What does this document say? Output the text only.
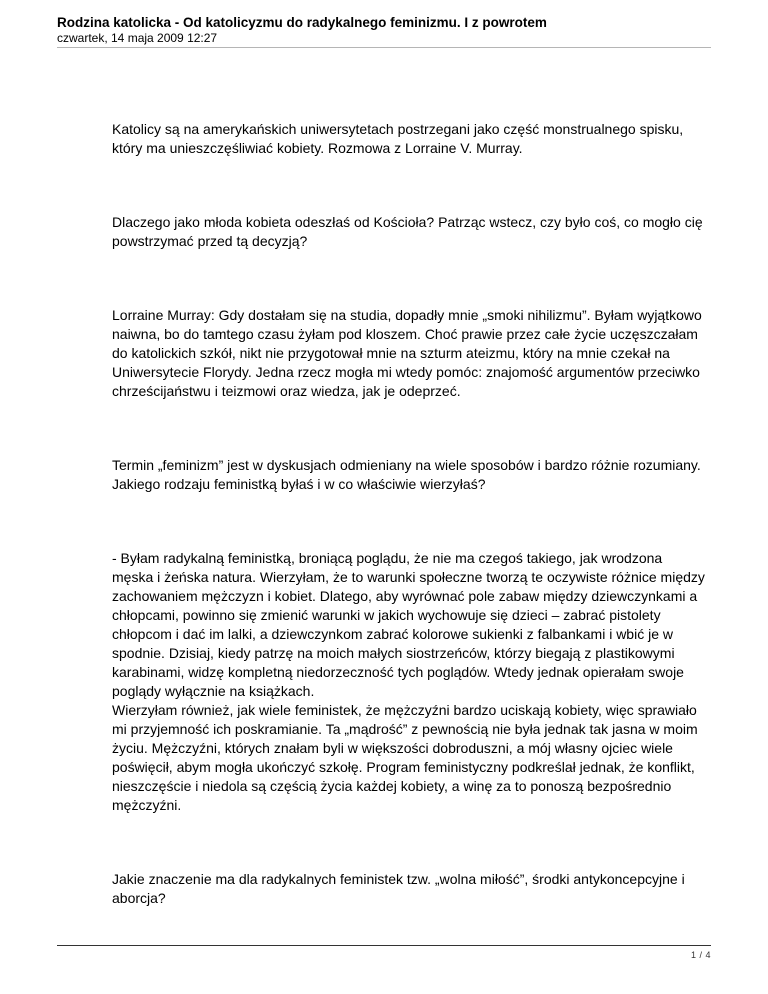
Rodzina katolicka - Od katolicyzmu do radykalnego feminizmu. I z powrotem
czwartek, 14 maja 2009 12:27

Katolicy są na amerykańskich uniwersytetach postrzegani jako część monstrualnego spisku,
który ma unieszczęśliwiać kobiety. Rozmowa z Lorraine V. Murray.

Dlaczego jako młoda kobieta odeszłaś od Kościoła? Patrząc wstecz, czy było coś, co mogło cię
powstrzymać przed tą decyzją?

Lorraine Murray: Gdy dostałam się na studia, dopadły mnie „smoki nihilizmu”. Byłam wyjątkowo
naiwna, bo do tamtego czasu żyłam pod kloszem. Choć prawie przez całe życie uczęszczałam
do katolickich szkół, nikt nie przygotował mnie na szturm ateizmu, który na mnie czekał na
Uniwersytecie Florydy. Jedna rzecz mogła mi wtedy pomóc: znajomość argumentów przeciwko
chrześcijaństwu i teizmowi oraz wiedza, jak je odeprzeć.

Termin „feminizm” jest w dyskusjach odmieniany na wiele sposobów i bardzo różnie rozumiany.
Jakiego rodzaju feministką byłaś i w co właściwie wierzyłaś?

- Byłam radykalną feministką, broniącą poglądu, że nie ma czegoś takiego, jak wrodzona
męska i żeńska natura. Wierzyłam, że to warunki społeczne tworzą te oczywiste różnice między
zachowaniem mężczyzn i kobiet. Dlatego, aby wyrównać pole zabaw między dziewczynkami a
chłopcami, powinno się zmienić warunki w jakich wychowuje się dzieci – zabrać pistolety
chłopcom i dać im lalki, a dziewczynkom zabrać kolorowe sukienki z falbankami i wbić je w
spodnie. Dzisiaj, kiedy patrzę na moich małych siostrzeńców, którzy biegają z plastikowymi
karabinami, widzę kompletną niedorzeczność tych poglądów. Wtedy jednak opierałam swoje
poglądy wyłącznie na książkach.
Wierzyłam również, jak wiele feministek, że mężczyźni bardzo uciskają kobiety, więc sprawiało
mi przyjemność ich poskramianie. Ta „mądrość” z pewnością nie była jednak tak jasna w moim
życiu. Mężczyźni, których znałam byli w większości dobroduszni, a mój własny ojciec wiele
poświęcił, abym mogła ukończyć szkołę. Program feministyczny podkreślał jednak, że konflikt,
nieszczęście i niedola są częścią życia każdej kobiety, a winę za to ponoszą bezpośrednio
mężczyźni.

Jakie znaczenie ma dla radykalnych feministek tzw. „wolna miłość”, środki antykoncepcyjne i
aborcja?

1 / 4
